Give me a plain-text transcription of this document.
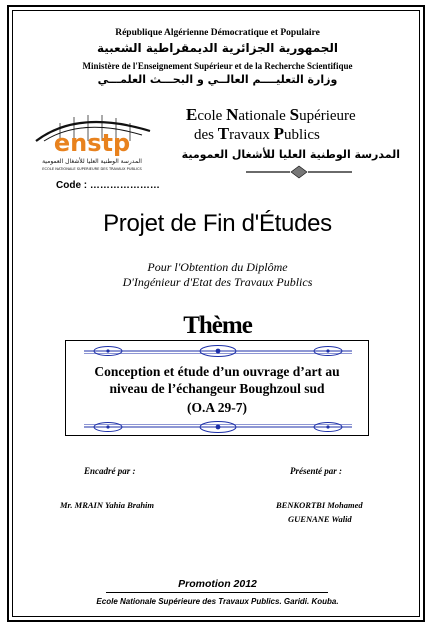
République Algérienne Démocratique et Populaire
الجمهورية الجزائرية الديمقراطية الشعبية
Ministère de l'Enseignement Supérieur et de la Recherche Scientifique
وزارة التعليــــم العالــي و البحـــث العلمـــي
enstp
المدرسة الوطنية العليا للأشغال العمومية
ECOLE NATIONALE SUPERIEURE DES TRAVAUX PUBLICS
Ecole Nationale Supérieure
des Travaux Publics
المدرسة الوطنية العليا للأشغال العمومية
Code : …………………
Projet de Fin d'Études
Pour l'Obtention du Diplôme
D'Ingénieur d'Etat des Travaux Publics
Thème
Conception et étude d’un ouvrage d’art au
niveau de l’échangeur Boughzoul sud
(O.A 29-7)
Encadré par :
Mr. MRAIN Yahia Brahim
Présenté par :
BENKORTBI Mohamed
GUENANE Walid
Promotion 2012
Ecole Nationale Supérieure des Travaux Publics. Garidi. Kouba.
